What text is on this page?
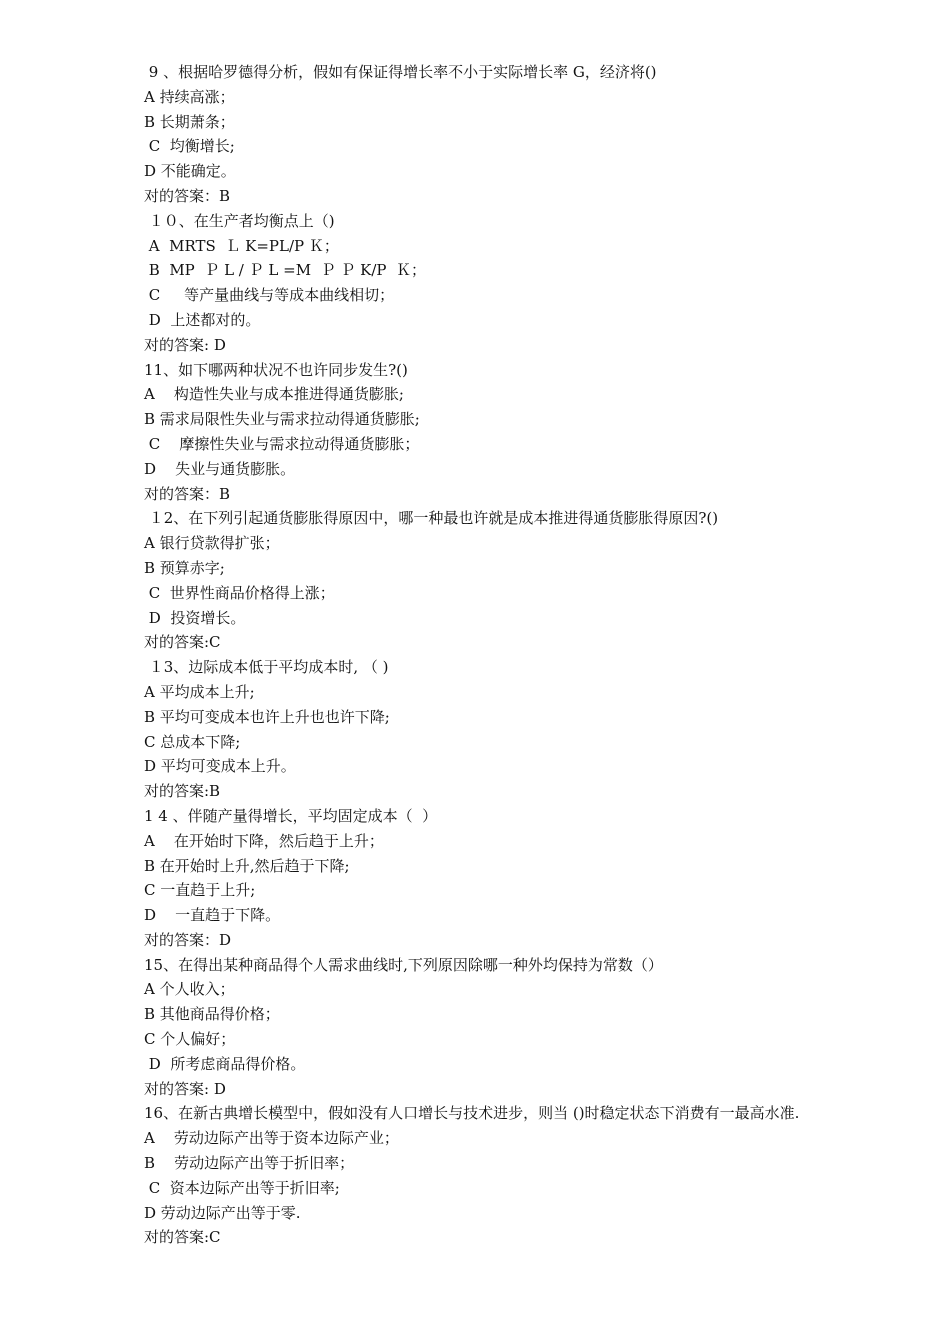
9 、根据哈罗德得分析，假如有保证得增长率不小于实际增长率 G，经济将()
A 持续高涨；
B 长期萧条；
C  均衡增长;
D 不能确定。
对的答案：B
１０、在生产者均衡点上（)
A  MRTS  Ｌ K=PL/P Ｋ；
B  MP  Ｐ L / Ｐ L =M  Ｐ Ｐ K/P  Ｋ；
C     等产量曲线与等成本曲线相切；
D  上述都对的。
对的答案: D
11、如下哪两种状况不也许同步发生?()
A    构造性失业与成本推进得通货膨胀;
B 需求局限性失业与需求拉动得通货膨胀;
C    摩擦性失业与需求拉动得通货膨胀；
D    失业与通货膨胀。
对的答案：B
１2、在下列引起通货膨胀得原因中，哪一种最也许就是成本推进得通货膨胀得原因?()
A 银行贷款得扩张；
B 预算赤字;
C  世界性商品价格得上涨；
D  投资增长。
对的答案:C
１3、边际成本低于平均成本时, （ )
A 平均成本上升;
B 平均可变成本也许上升也也许下降;
C 总成本下降;
D 平均可变成本上升。
对的答案:B
1 4 、伴随产量得增长，平均固定成本（  ）
A    在开始时下降，然后趋于上升；
B 在开始时上升,然后趋于下降;
C 一直趋于上升;
D    一直趋于下降。
对的答案：D
15、在得出某种商品得个人需求曲线时,下列原因除哪一种外均保持为常数（）
A 个人收入；
B 其他商品得价格；
C 个人偏好；
D  所考虑商品得价格。
对的答案: D
16、在新古典增长模型中，假如没有人口增长与技术进步，则当 ()时稳定状态下消费有一最高水准.
A    劳动边际产出等于资本边际产业；
B    劳动边际产出等于折旧率；
C  资本边际产出等于折旧率;
D 劳动边际产出等于零.
对的答案:C
